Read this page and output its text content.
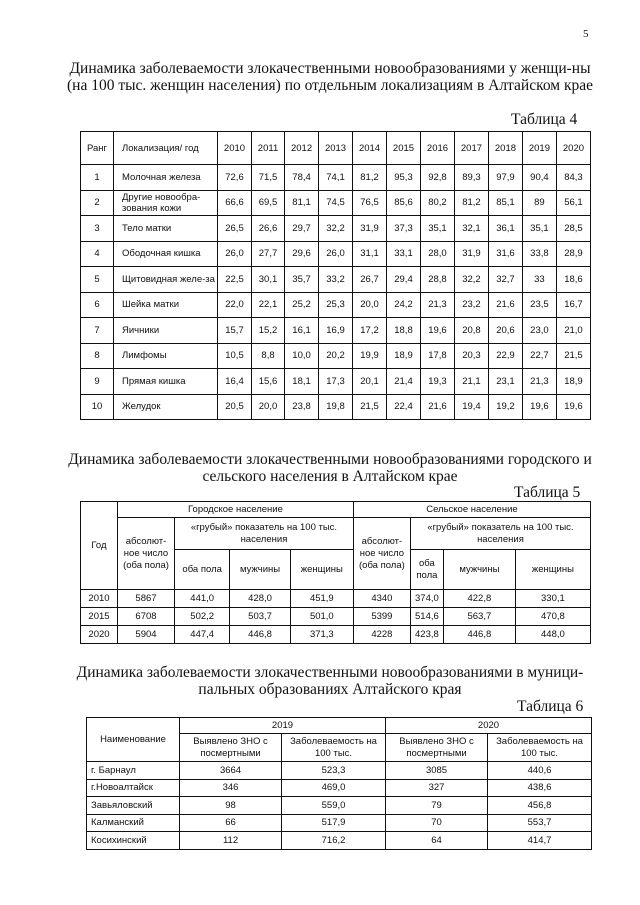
5
Динамика заболеваемости злокачественными новообразованиями у женщи-ны (на 100 тыс. женщин населения) по отдельным локализациям в Алтайском крае
Таблица 4
Ранг	Локализация/ год	2010	2011	2012	2013	2014	2015	2016	2017	2018	2019	2020
1	Молочная железа	72,6	71,5	78,4	74,1	81,2	95,3	92,8	89,3	97,9	90,4	84,3
2	Другие новообра-зования кожи	66,6	69,5	81,1	74,5	76,5	85,6	80,2	81,2	85,1	89	56,1
3	Тело матки	26,5	26,6	29,7	32,2	31,9	37,3	35,1	32,1	36,1	35,1	28,5
4	Ободочная кишка	26,0	27,7	29,6	26,0	31,1	33,1	28,0	31,9	31,6	33,8	28,9
5	Щитовидная желе-за	22,5	30,1	35,7	33,2	26,7	29,4	28,8	32,2	32,7	33	18,6
6	Шейка матки	22,0	22,1	25,2	25,3	20,0	24,2	21,3	23,2	21,6	23,5	16,7
7	Яичники	15,7	15,2	16,1	16,9	17,2	18,8	19,6	20,8	20,6	23,0	21,0
8	Лимфомы	10,5	8,8	10,0	20,2	19,9	18,9	17,8	20,3	22,9	22,7	21,5
9	Прямая кишка	16,4	15,6	18,1	17,3	20,1	21,4	19,3	21,1	23,1	21,3	18,9
10	Желудок	20,5	20,0	23,8	19,8	21,5	22,4	21,6	19,4	19,2	19,6	19,6
Динамика заболеваемости злокачественными новообразованиями городского и сельского населения в Алтайском крае
Таблица 5
Год	Городское население				Сельское население			
	абсолют-ное число (оба пола)	«грубый» показатель на 100 тыс. населения			абсолют-ное число (оба пола)	«грубый» показатель на 100 тыс. населения		
		оба пола	мужчины	женщины		оба пола	мужчины	женщины
2010	5867	441,0	428,0	451,9	4340	374,0	422,8	330,1
2015	6708	502,2	503,7	501,0	5399	514,6	563,7	470,8
2020	5904	447,4	446,8	371,3	4228	423,8	446,8	448,0
Динамика заболеваемости злокачественными новообразованиями в муници-пальных образованиях Алтайского края
Таблица 6
Наименование	2019		2020	
	Выявлено ЗНО с посмертными	Заболеваемость на 100 тыс.	Выявлено ЗНО с посмертными	Заболеваемость на 100 тыс.
г. Барнаул	3664	523,3	3085	440,6
г.Новоалтайск	346	469,0	327	438,6
Завьяловский	98	559,0	79	456,8
Калманский	66	517,9	70	553,7
Косихинский	112	716,2	64	414,7
